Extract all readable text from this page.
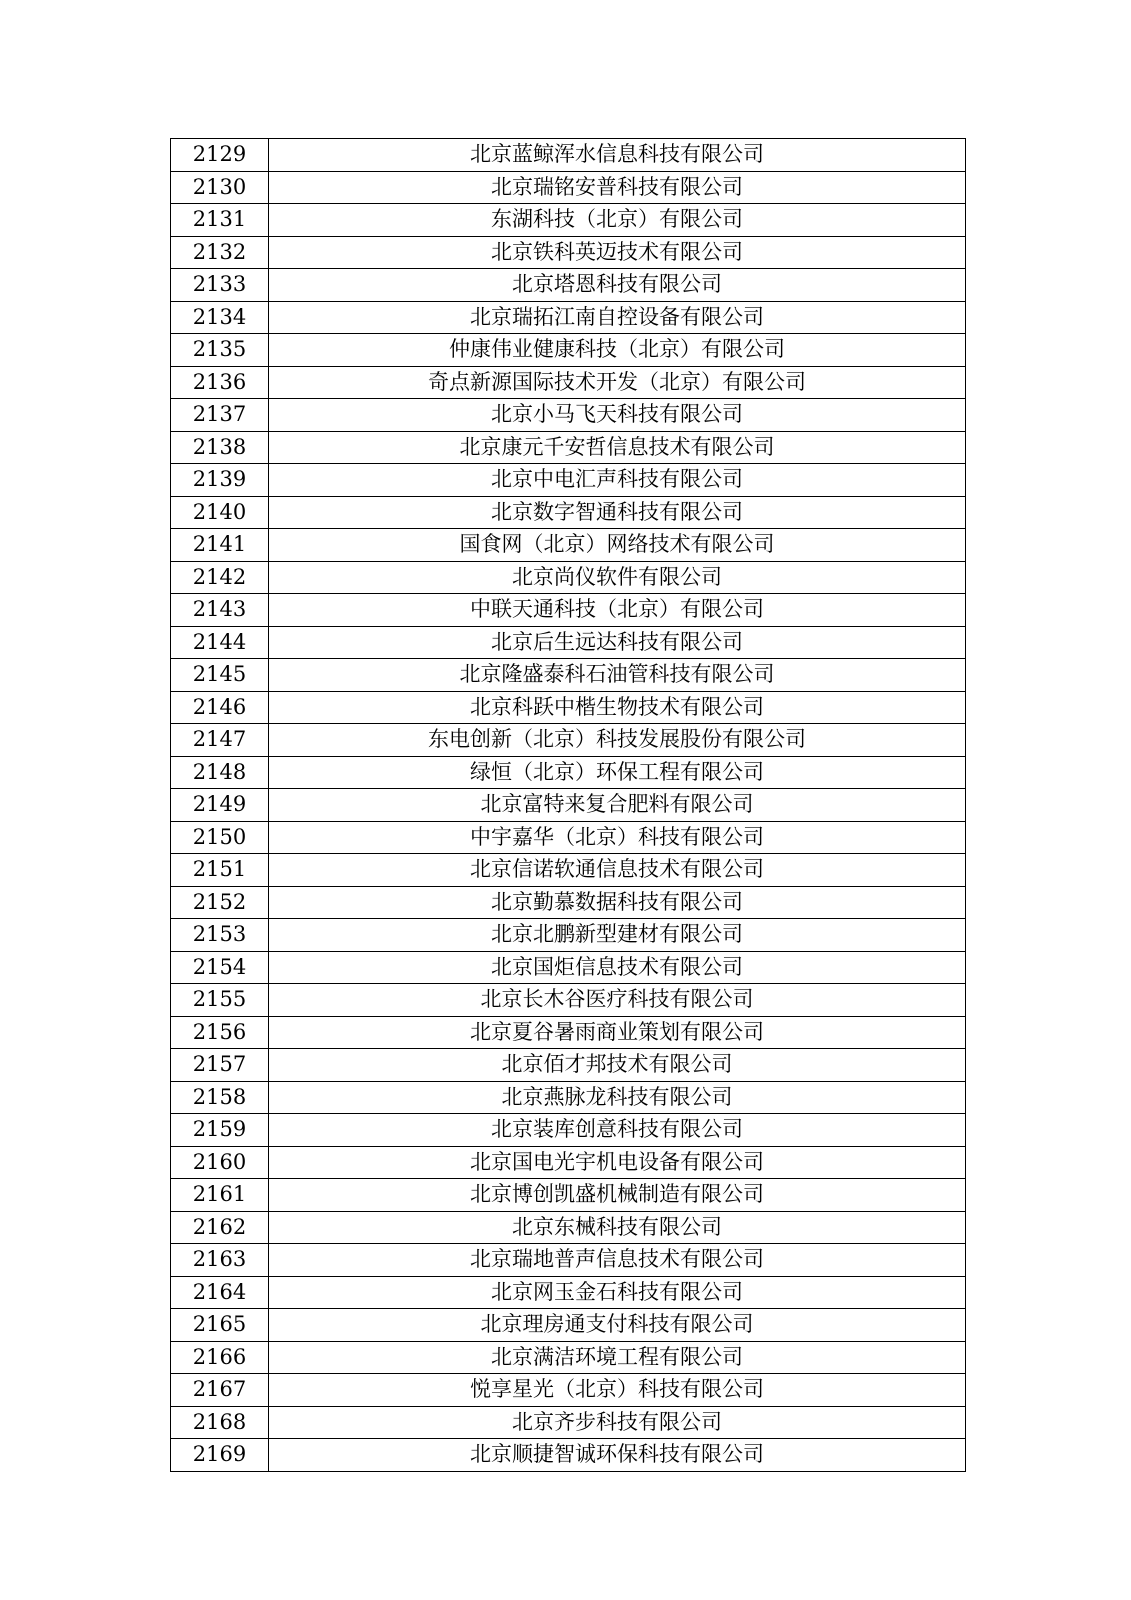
2129	北京蓝鲸浑水信息科技有限公司
2130	北京瑞铭安普科技有限公司
2131	东湖科技（北京）有限公司
2132	北京铁科英迈技术有限公司
2133	北京塔恩科技有限公司
2134	北京瑞拓江南自控设备有限公司
2135	仲康伟业健康科技（北京）有限公司
2136	奇点新源国际技术开发（北京）有限公司
2137	北京小马飞天科技有限公司
2138	北京康元千安哲信息技术有限公司
2139	北京中电汇声科技有限公司
2140	北京数字智通科技有限公司
2141	国食网（北京）网络技术有限公司
2142	北京尚仪软件有限公司
2143	中联天通科技（北京）有限公司
2144	北京后生远达科技有限公司
2145	北京隆盛泰科石油管科技有限公司
2146	北京科跃中楷生物技术有限公司
2147	东电创新（北京）科技发展股份有限公司
2148	绿恒（北京）环保工程有限公司
2149	北京富特来复合肥料有限公司
2150	中宇嘉华（北京）科技有限公司
2151	北京信诺软通信息技术有限公司
2152	北京勤慕数据科技有限公司
2153	北京北鹏新型建材有限公司
2154	北京国炬信息技术有限公司
2155	北京长木谷医疗科技有限公司
2156	北京夏谷暑雨商业策划有限公司
2157	北京佰才邦技术有限公司
2158	北京燕脉龙科技有限公司
2159	北京装库创意科技有限公司
2160	北京国电光宇机电设备有限公司
2161	北京博创凯盛机械制造有限公司
2162	北京东械科技有限公司
2163	北京瑞地普声信息技术有限公司
2164	北京网玉金石科技有限公司
2165	北京理房通支付科技有限公司
2166	北京满洁环境工程有限公司
2167	悦享星光（北京）科技有限公司
2168	北京齐步科技有限公司
2169	北京顺捷智诚环保科技有限公司
